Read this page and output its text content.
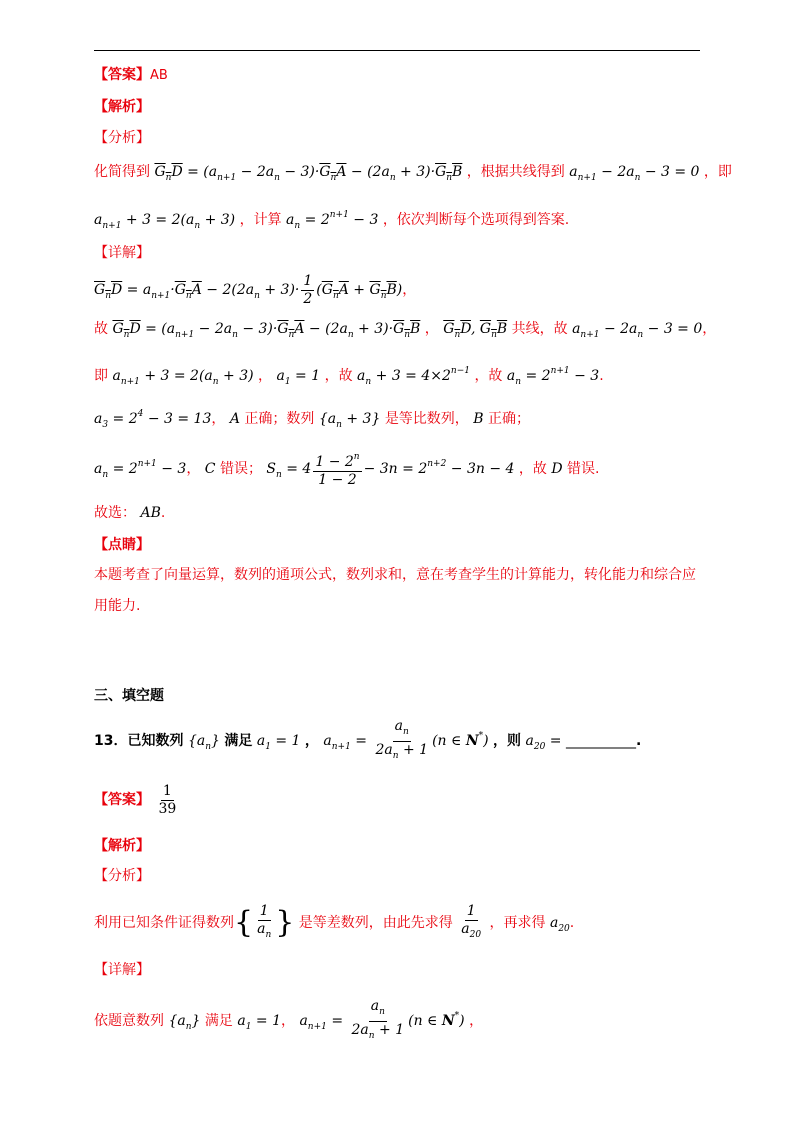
【答案】AB
【解析】
【分析】
化简得到 $G_nD = (a_{n+1} - 2a_n - 3)\cdot G_nA - (2a_n + 3)\cdot G_nB$ ，根据共线得到 $a_{n+1} - 2a_n - 3 = 0$ ，即
$a_{n+1} + 3 = 2(a_n + 3)$ ，计算 $a_n = 2^{n+1} - 3$ ，依次判断每个选项得到答案.
【详解】
$G_nD = a_{n+1}\cdot G_nA - 2(2a_n + 3)\cdot \frac{1}{2} (G_nA + G_nB)$，
故 $G_nD = (a_{n+1} - 2a_n - 3)\cdot G_nA - (2a_n + 3)\cdot G_nB$ ， $G_nD$, $G_nB$ 共线，故 $a_{n+1} - 2a_n - 3 = 0$，
即 $a_{n+1} + 3 = 2(a_n + 3)$ ， $a_1 = 1$ ，故 $a_n + 3 = 4\times 2^{n-1}$ ，故 $a_n = 2^{n+1} - 3$.
$a_3 = 2^4 - 3 = 13$， A 正确；数列 $\{a_n + 3\}$ 是等比数列， B 正确；
$a_n = 2^{n+1} - 3$， C 错误； $S_n = 4 \frac{1 - 2^n}{1 - 2} - 3n = 2^{n+2} - 3n - 4$ ，故 D 错误.
故选： AB.
【点睛】
本题考查了向量运算，数列的通项公式，数列求和，意在考查学生的计算能力，转化能力和综合应
用能力.
三、填空题
13．已知数列 $\{a_n\}$ 满足 $a_1 = 1$ ， $a_{n+1} = \frac{a_n}{2a_n + 1} (n$ ∈ N*) ，则 $a_{20}$ = __________.
【答案】 $\frac{1}{39}$
【解析】
【分析】
利用已知条件证得数列{ $\frac{1}{a_n}$ } 是等差数列，由此先求得 $\frac{1}{a_{20}}$ ，再求得 $a_{20}$.
【详解】
依题意数列 $\{a_n\}$ 满足 $a_1 = 1$， $a_{n+1} = \frac{a_n}{2a_n + 1} (n$ ∈ N*) ，
